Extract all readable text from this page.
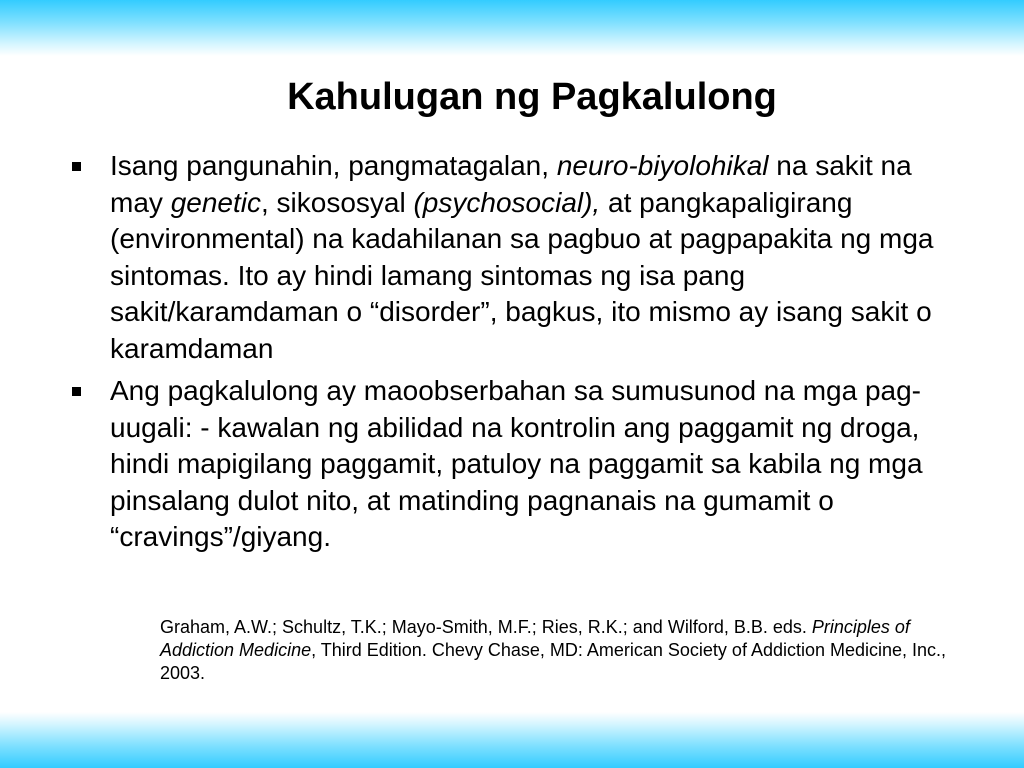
Kahulugan ng Pagkalulong
Isang pangunahin, pangmatagalan, neuro-biyolohikal na sakit na may genetic, sikososyal (psychosocial), at pangkapaligirang (environmental) na kadahilanan sa pagbuo at pagpapakita ng mga sintomas. Ito ay hindi lamang sintomas ng isa pang sakit/karamdaman o “disorder”, bagkus, ito mismo ay isang sakit o karamdaman
Ang pagkalulong ay maoobserbahan sa sumusunod na mga pag-uugali: - kawalan ng abilidad na kontrolin ang paggamit ng droga, hindi mapigilang paggamit, patuloy na paggamit sa kabila ng mga pinsalang dulot nito, at matinding pagnanais na gumamit o “cravings”/giyang.
Graham, A.W.; Schultz, T.K.; Mayo-Smith, M.F.; Ries, R.K.; and Wilford, B.B. eds. Principles of Addiction Medicine, Third Edition. Chevy Chase, MD: American Society of Addiction Medicine, Inc., 2003.
